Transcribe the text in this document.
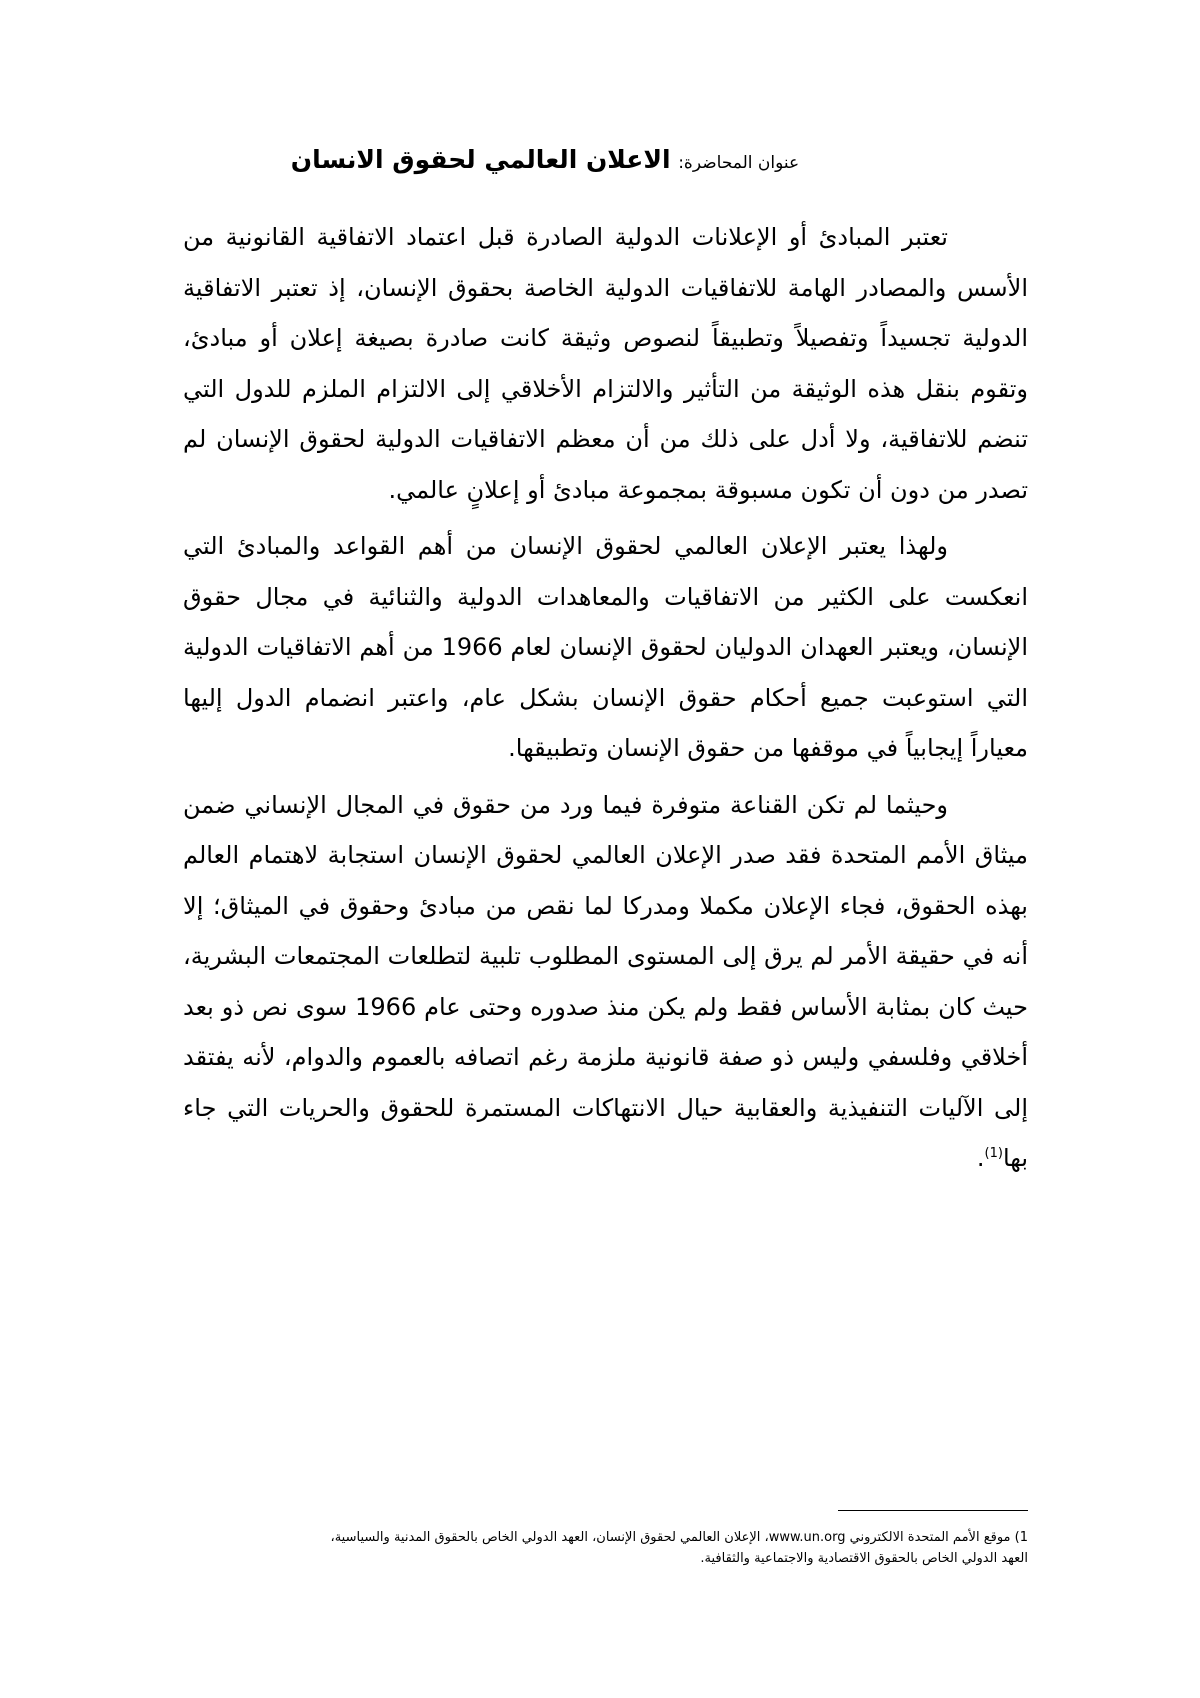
عنوان المحاضرة: الاعلان العالمي لحقوق الانسان

تعتبر المبادئ أو الإعلانات الدولية الصادرة قبل اعتماد الاتفاقية القانونية من الأسس والمصادر الهامة للاتفاقيات الدولية الخاصة بحقوق الإنسان، إذ تعتبر الاتفاقية الدولية تجسيداً وتفصيلاً وتطبيقاً لنصوص وثيقة كانت صادرة بصيغة إعلان أو مبادئ، وتقوم بنقل هذه الوثيقة من التأثير والالتزام الأخلاقي إلى الالتزام الملزم للدول التي تنضم للاتفاقية، ولا أدل على ذلك من أن معظم الاتفاقيات الدولية لحقوق الإنسان لم تصدر من دون أن تكون مسبوقة بمجموعة مبادئ أو إعلانٍ عالمي.

ولهذا يعتبر الإعلان العالمي لحقوق الإنسان من أهم القواعد والمبادئ التي انعكست على الكثير من الاتفاقيات والمعاهدات الدولية والثنائية في مجال حقوق الإنسان، ويعتبر العهدان الدوليان لحقوق الإنسان لعام 1966 من أهم الاتفاقيات الدولية التي استوعبت جميع أحكام حقوق الإنسان بشكل عام، واعتبر انضمام الدول إليها معياراً إيجابياً في موقفها من حقوق الإنسان وتطبيقها.

وحيثما لم تكن القناعة متوفرة فيما ورد من حقوق في المجال الإنساني ضمن ميثاق الأمم المتحدة فقد صدر الإعلان العالمي لحقوق الإنسان استجابة لاهتمام العالم بهذه الحقوق، فجاء الإعلان مكملا ومدركا لما نقص من مبادئ وحقوق في الميثاق؛ إلا أنه في حقيقة الأمر لم يرق إلى المستوى المطلوب تلبية لتطلعات المجتمعات البشرية، حيث كان بمثابة الأساس فقط ولم يكن منذ صدوره وحتى عام 1966 سوى نص ذو بعد أخلاقي وفلسفي وليس ذو صفة قانونية ملزمة رغم اتصافه بالعموم والدوام، لأنه يفتقد إلى الآليات التنفيذية والعقابية حيال الانتهاكات المستمرة للحقوق والحريات التي جاء بها$^{(1)}$.

1) موقع الأمم المتحدة الالكتروني www.un.org، الإعلان العالمي لحقوق الإنسان، العهد الدولي الخاص بالحقوق المدنية والسياسية،
العهد الدولي الخاص بالحقوق الاقتصادية والاجتماعية والثقافية.
